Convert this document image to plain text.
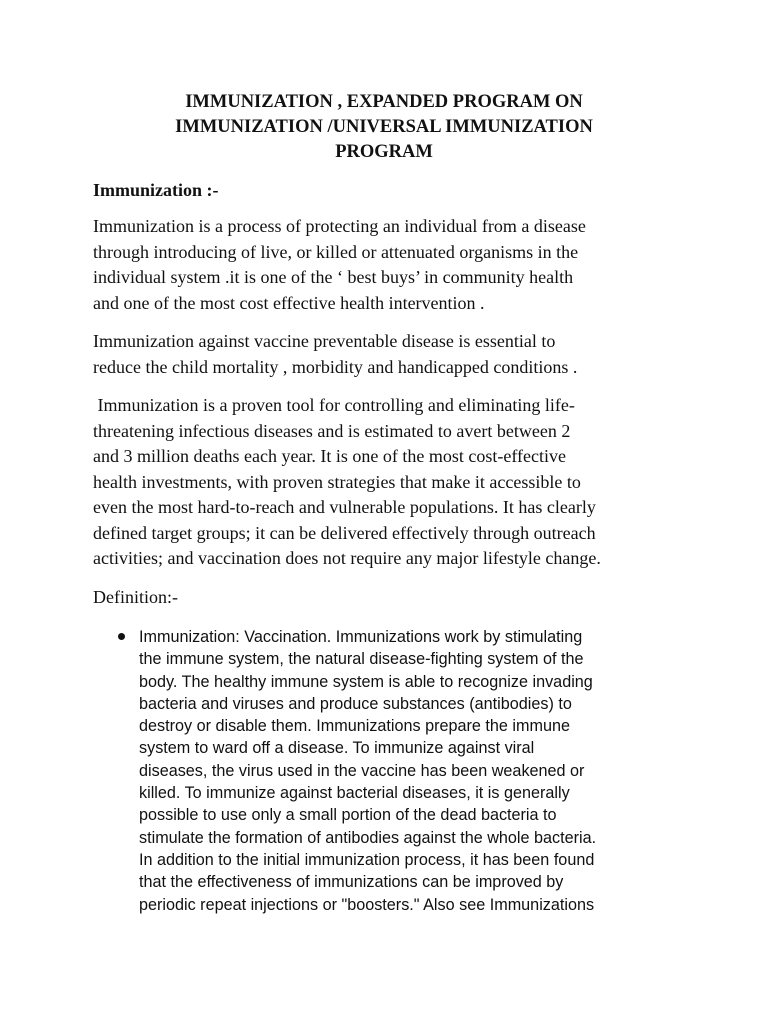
IMMUNIZATION , EXPANDED PROGRAM ON
IMMUNIZATION /UNIVERSAL IMMUNIZATION
PROGRAM
Immunization :-
Immunization is a process of protecting an individual from a disease
through introducing of live, or killed or attenuated organisms in the
individual system .it is one of the ‘ best buys’ in community health
and one of the most cost effective health intervention .
Immunization against vaccine preventable disease is essential to
reduce the child mortality , morbidity and handicapped conditions .
Immunization is a proven tool for controlling and eliminating life-
threatening infectious diseases and is estimated to avert between 2
and 3 million deaths each year. It is one of the most cost-effective
health investments, with proven strategies that make it accessible to
even the most hard-to-reach and vulnerable populations. It has clearly
defined target groups; it can be delivered effectively through outreach
activities; and vaccination does not require any major lifestyle change.
Definition:-
Immunization: Vaccination. Immunizations work by stimulating
the immune system, the natural disease-fighting system of the
body. The healthy immune system is able to recognize invading
bacteria and viruses and produce substances (antibodies) to
destroy or disable them. Immunizations prepare the immune
system to ward off a disease. To immunize against viral
diseases, the virus used in the vaccine has been weakened or
killed. To immunize against bacterial diseases, it is generally
possible to use only a small portion of the dead bacteria to
stimulate the formation of antibodies against the whole bacteria.
In addition to the initial immunization process, it has been found
that the effectiveness of immunizations can be improved by
periodic repeat injections or "boosters." Also see Immunizations
